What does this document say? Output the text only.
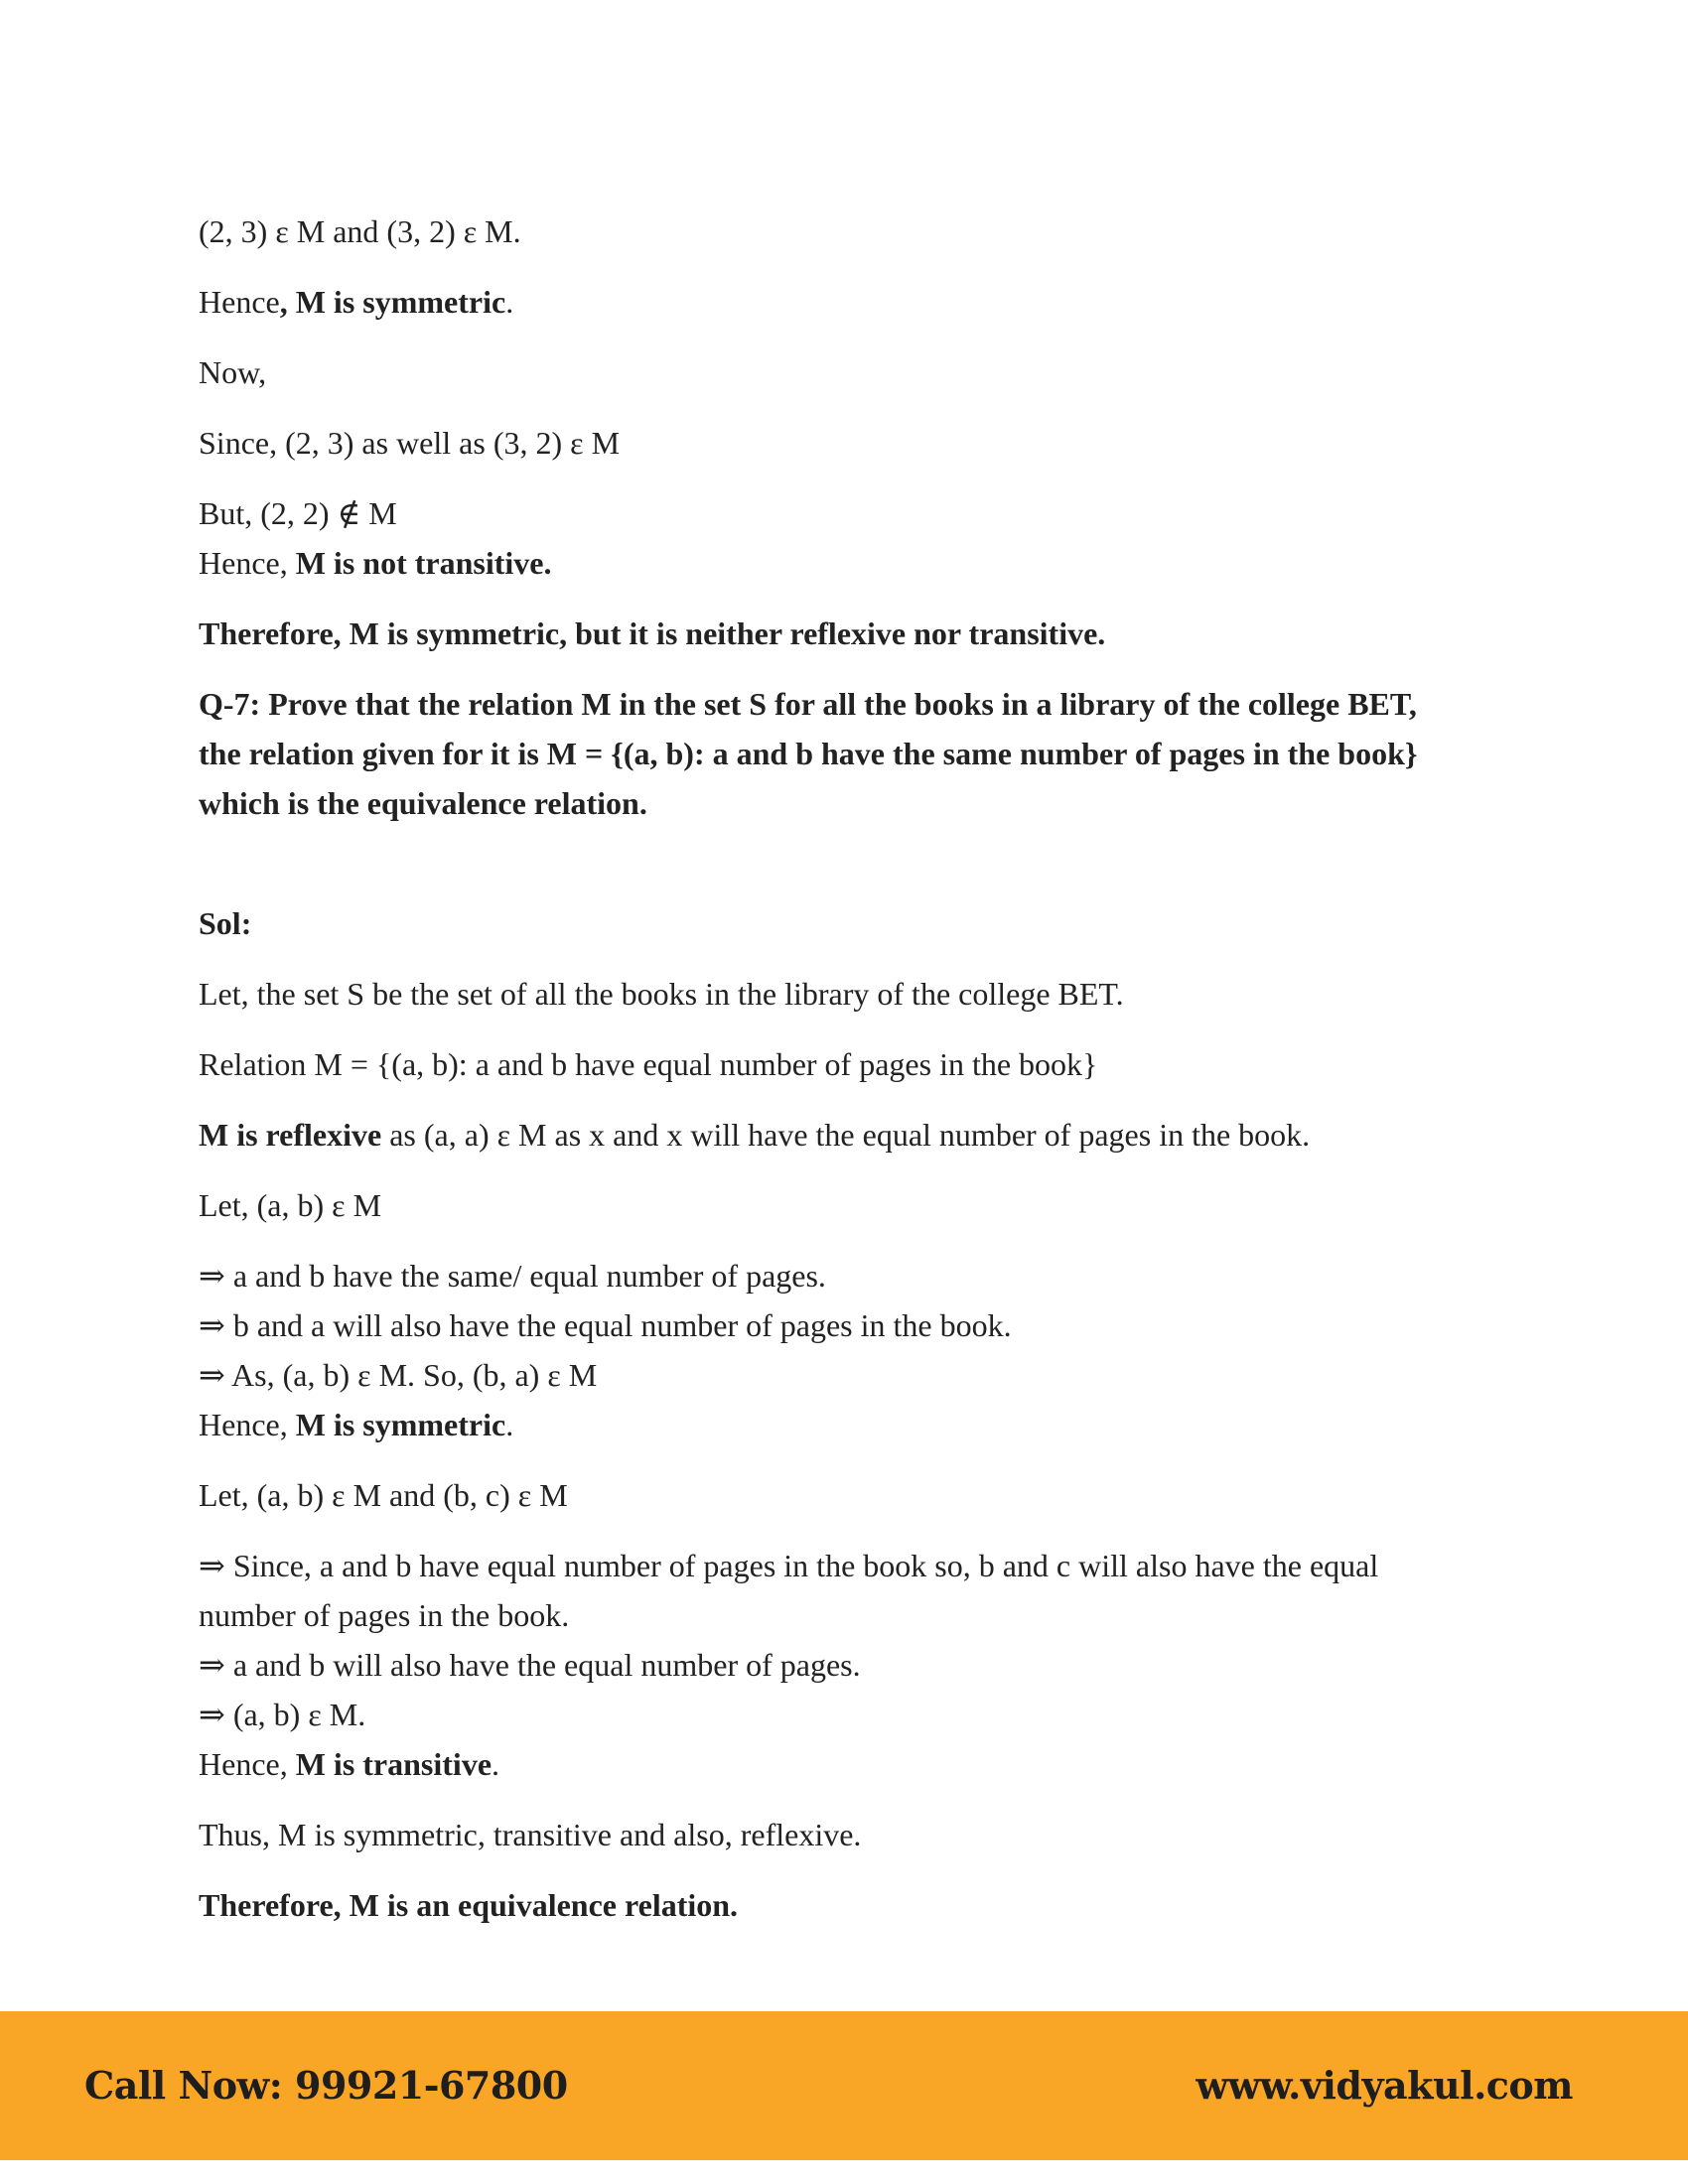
(2, 3) ε M and (3, 2) ε M.

Hence, M is symmetric.

Now,

Since, (2, 3) as well as (3, 2) ε M

But, (2, 2) ∉ M

Hence, M is not transitive.

Therefore, M is symmetric, but it is neither reflexive nor transitive.

Q-7: Prove that the relation M in the set S for all the books in a library of the college BET,

the relation given for it is M = {(a, b): a and b have the same number of pages in the book}

which is the equivalence relation.

Sol:

Let, the set S be the set of all the books in the library of the college BET.

Relation M = {(a, b): a and b have equal number of pages in the book}

M is reflexive as (a, a) ε M as x and x will have the equal number of pages in the book.

Let, (a, b) ε M

⇒ a and b have the same/ equal number of pages.

⇒ b and a will also have the equal number of pages in the book.

⇒ As, (a, b) ε M. So, (b, a) ε M

Hence, M is symmetric.

Let, (a, b) ε M and (b, c) ε M

⇒ Since, a and b have equal number of pages in the book so, b and c will also have the equal

number of pages in the book.

⇒ a and b will also have the equal number of pages.

⇒ (a, b) ε M.

Hence, M is transitive.

Thus, M is symmetric, transitive and also, reflexive.

Therefore, M is an equivalence relation.

Call Now: 99921-67800	www.vidyakul.com
